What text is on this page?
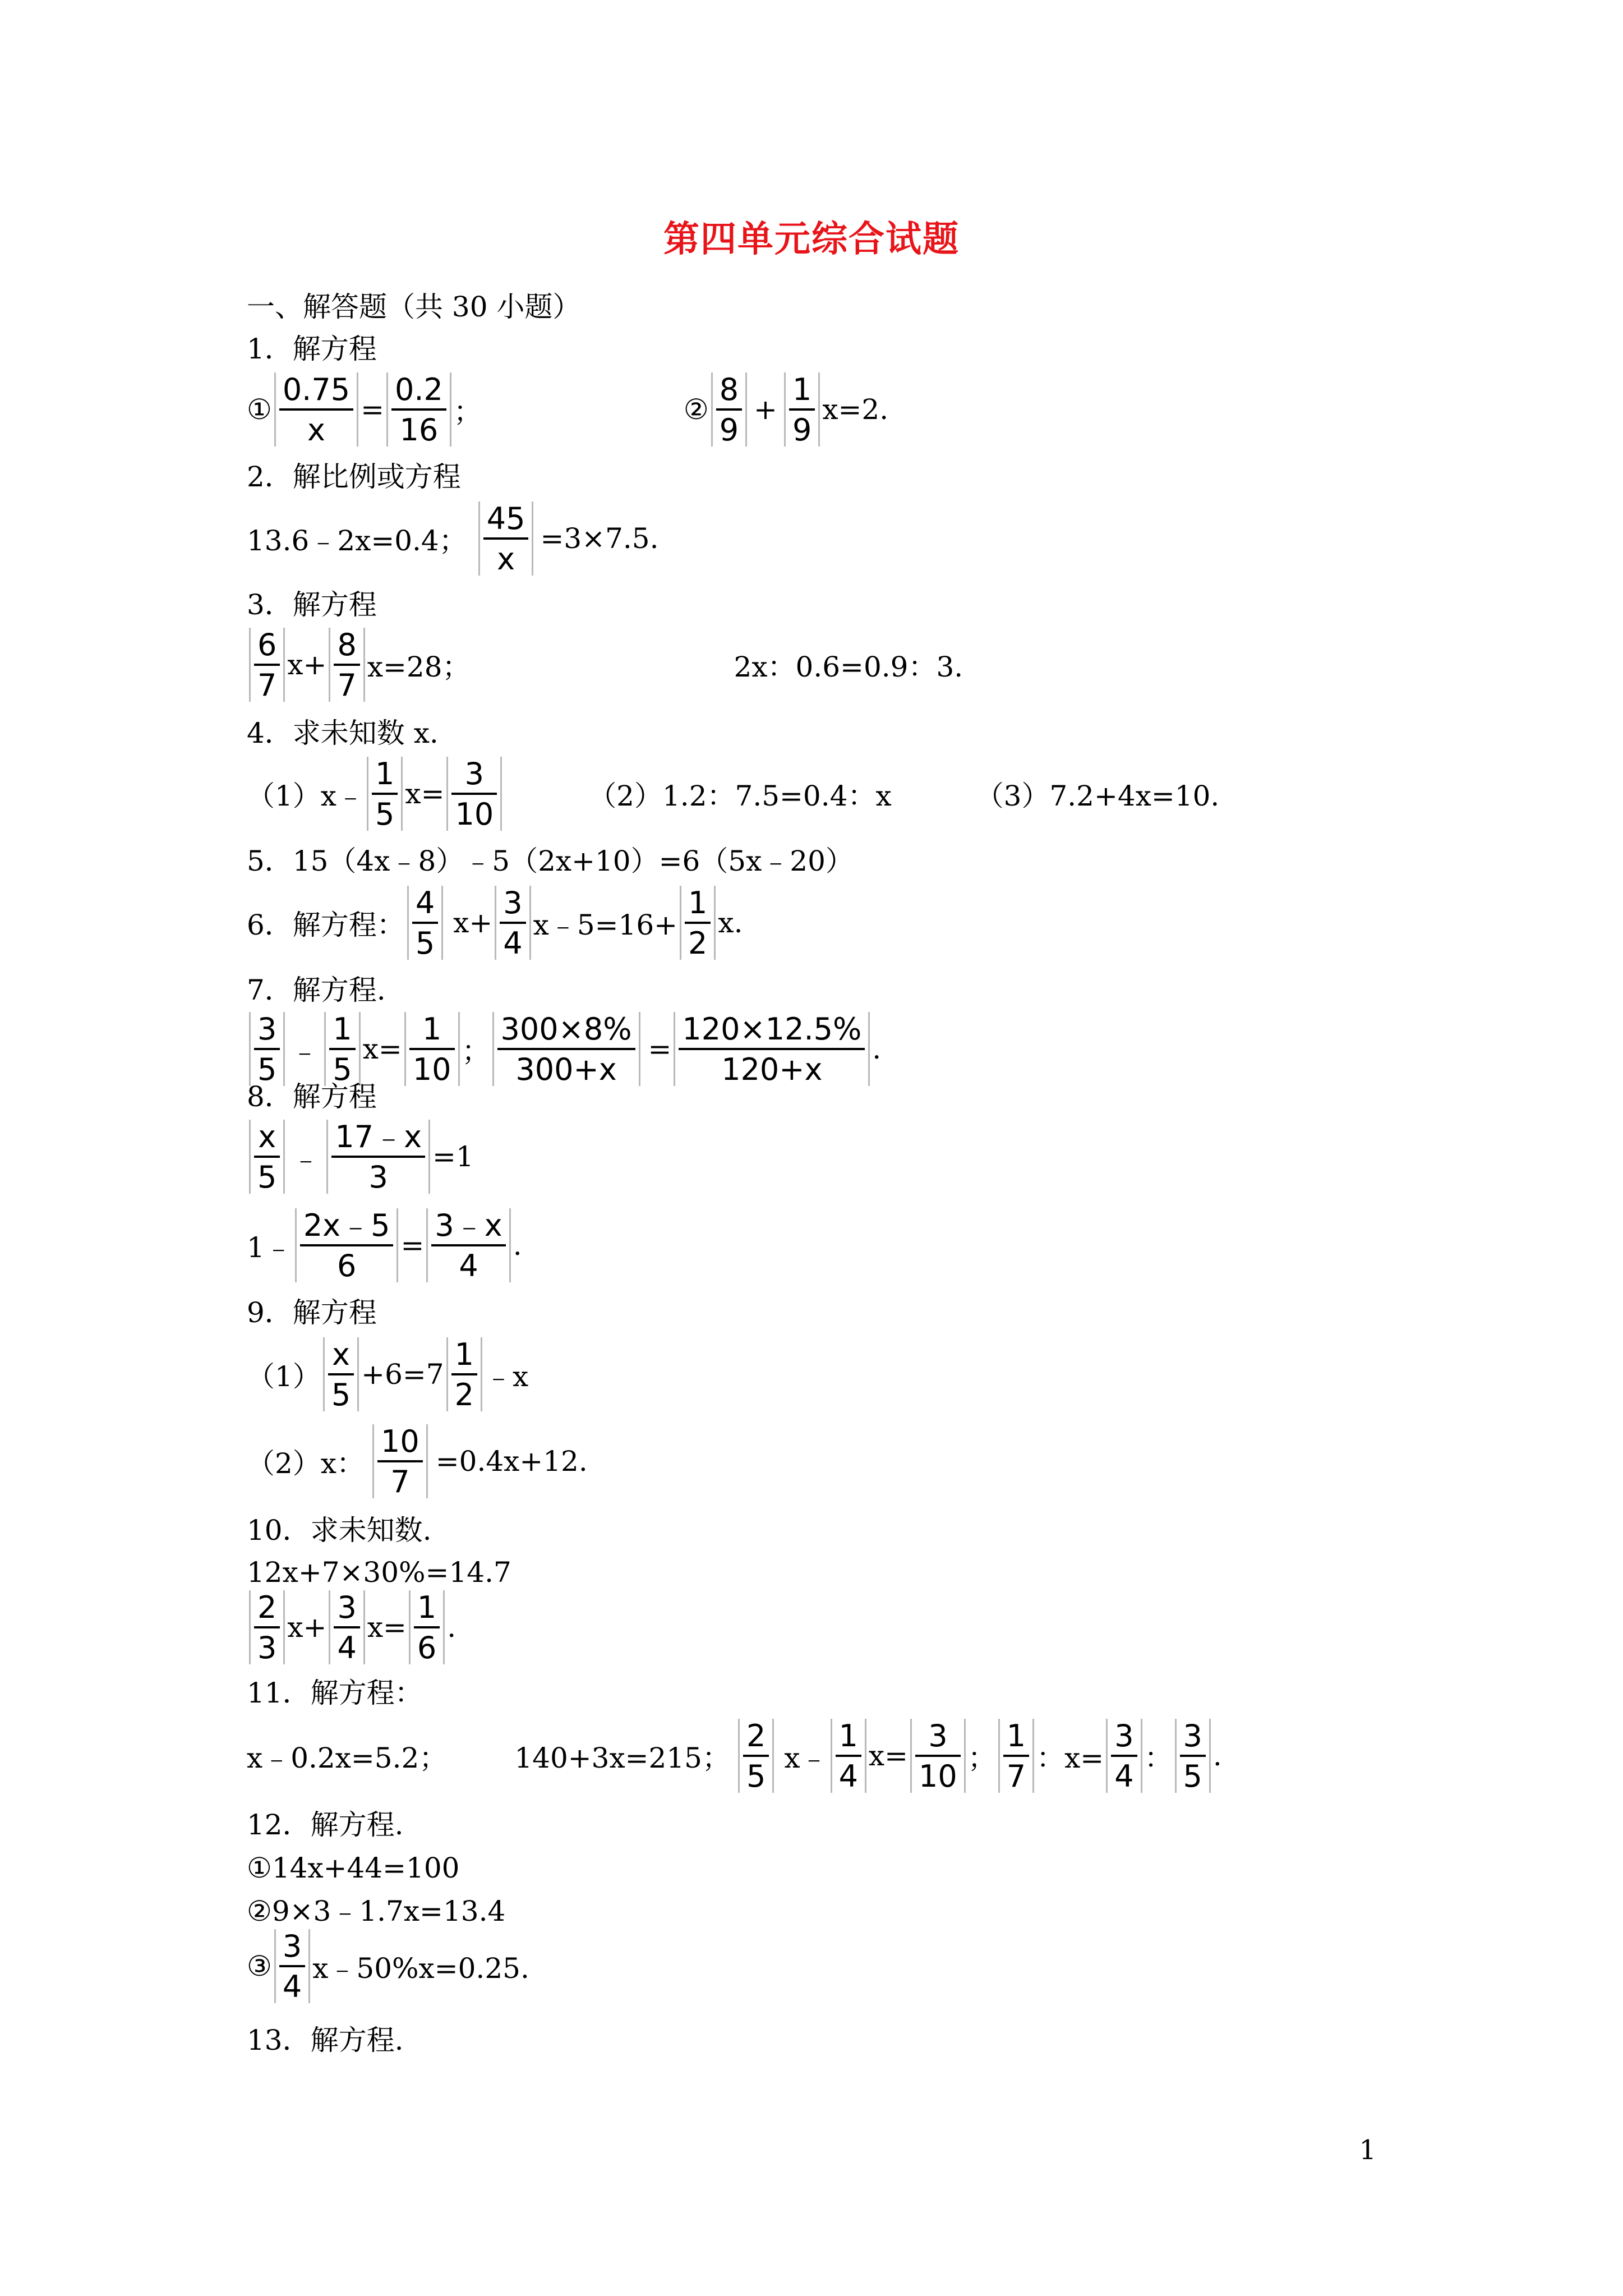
第四单元综合试题
一、解答题（共 30 小题）
1．解方程
①
0.75
x
=
0.2
16
；	②
8
9
+
1
9
x=2.
2．解比例或方程
13.6﹣2x=0.4；
45
x
=3×7.5.
3．解方程
6
7
x+
8
7
x=28；	2x：0.6=0.9：3.
4．求未知数 x.
（1）x﹣
1
5
x=
3
10
（2）1.2：7.5=0.4：x	（3）7.2+4x=10.
5．15（4x﹣8）﹣5（2x+10）=6（5x﹣20）
6．解方程：
4
5
x+
3
4
x﹣5=16+
1
2
x.
7．解方程.
3
5
﹣
1
5
x=
1
10
；
300×8%
300+x
=
120×12.5%
120+x
.
8．解方程
x
5
﹣
17﹣x
3
=1
1﹣
2x﹣5
6
=
3﹣x
4
.
9．解方程
（1）
x
5
+6=7
1
2
﹣x
（2）x：
10
7
=0.4x+12.
10．求未知数.
12x+7×30%=14.7
2
3
x+
3
4
x=
1
6
.
11．解方程：
x﹣0.2x=5.2； 140+3x=215；
2
5
x﹣
1
4
x=
3
10
；
1
7
：x=
3
4
：
3
5
.
12．解方程.
①14x+44=100
②9×3﹣1.7x=13.4
③
3
4
x﹣50%x=0.25.
13．解方程.
1
